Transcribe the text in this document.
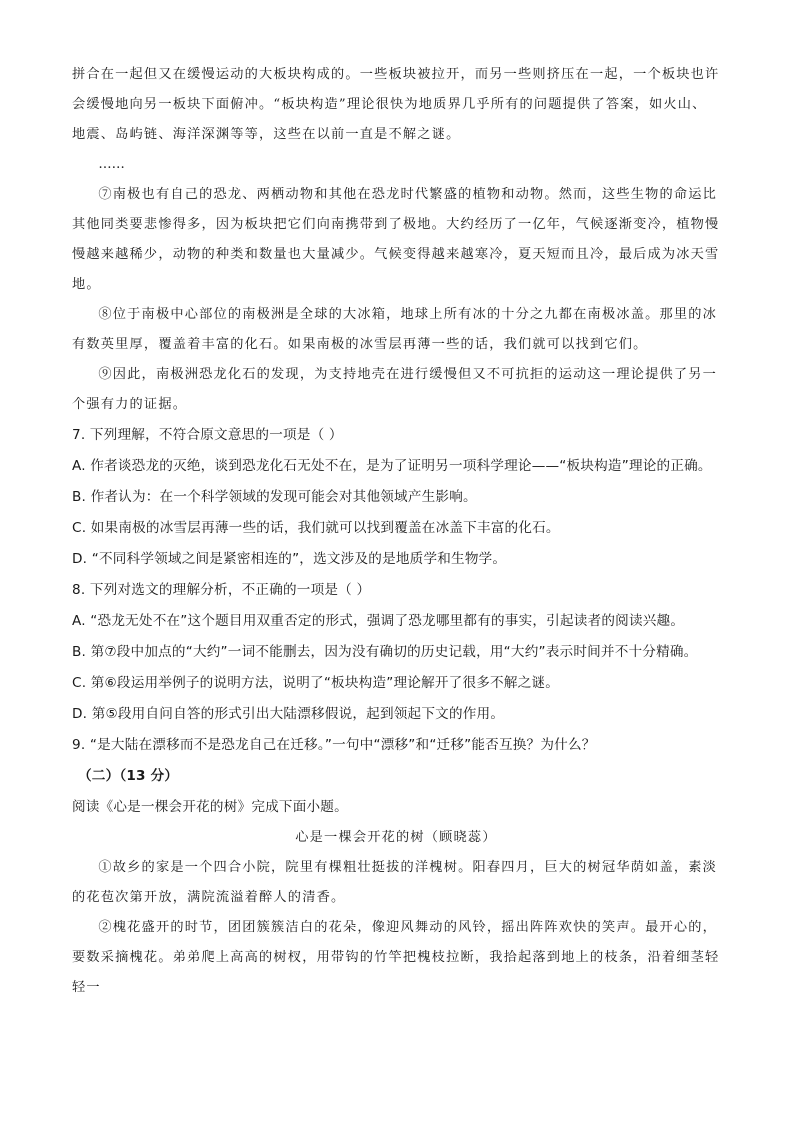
拼合在一起但又在缓慢运动的大板块构成的。一些板块被拉开，而另一些则挤压在一起，一个板块也许会缓慢地向另一板块下面俯冲。“板块构造”理论很快为地质界几乎所有的问题提供了答案，如火山、地震、岛屿链、海洋深渊等等，这些在以前一直是不解之谜。

……

⑦南极也有自己的恐龙、两栖动物和其他在恐龙时代繁盛的植物和动物。然而，这些生物的命运比其他同类要悲惨得多，因为板块把它们向南携带到了极地。大约经历了一亿年，气候逐渐变冷，植物慢慢越来越稀少，动物的种类和数量也大量减少。气候变得越来越寒冷，夏天短而且冷，最后成为冰天雪地。

⑧位于南极中心部位的南极洲是全球的大冰箱，地球上所有冰的十分之九都在南极冰盖。那里的冰有数英里厚，覆盖着丰富的化石。如果南极的冰雪层再薄一些的话，我们就可以找到它们。

⑨因此，南极洲恐龙化石的发现，为支持地壳在进行缓慢但又不可抗拒的运动这一理论提供了另一个强有力的证据。

7. 下列理解，不符合原文意思的一项是（ ）

A. 作者谈恐龙的灭绝，谈到恐龙化石无处不在，是为了证明另一项科学理论——“板块构造”理论的正确。

B. 作者认为：在一个科学领域的发现可能会对其他领域产生影响。

C. 如果南极的冰雪层再薄一些的话，我们就可以找到覆盖在冰盖下丰富的化石。

D. “不同科学领域之间是紧密相连的”，选文涉及的是地质学和生物学。

8. 下列对选文的理解分析，不正确的一项是（ ）

A. “恐龙无处不在”这个题目用双重否定的形式，强调了恐龙哪里都有的事实，引起读者的阅读兴趣。

B. 第⑦段中加点的“大约”一词不能删去，因为没有确切的历史记载，用“大约”表示时间并不十分精确。

C. 第⑥段运用举例子的说明方法，说明了“板块构造”理论解开了很多不解之谜。

D. 第⑤段用自问自答的形式引出大陆漂移假说，起到领起下文的作用。

9. “是大陆在漂移而不是恐龙自己在迁移。”一句中“漂移”和“迁移”能否互换？为什么？

（二）（13 分）

阅读《心是一棵会开花的树》完成下面小题。

心是一棵会开花的树（顾晓蕊）

①故乡的家是一个四合小院，院里有棵粗壮挺拔的洋槐树。阳春四月，巨大的树冠华荫如盖，素淡的花苞次第开放，满院流溢着醉人的清香。

②槐花盛开的时节，团团簇簇洁白的花朵，像迎风舞动的风铃，摇出阵阵欢快的笑声。最开心的，要数采摘槐花。弟弟爬上高高的树杈，用带钩的竹竿把槐枝拉断，我拾起落到地上的枝条，沿着细茎轻轻一
